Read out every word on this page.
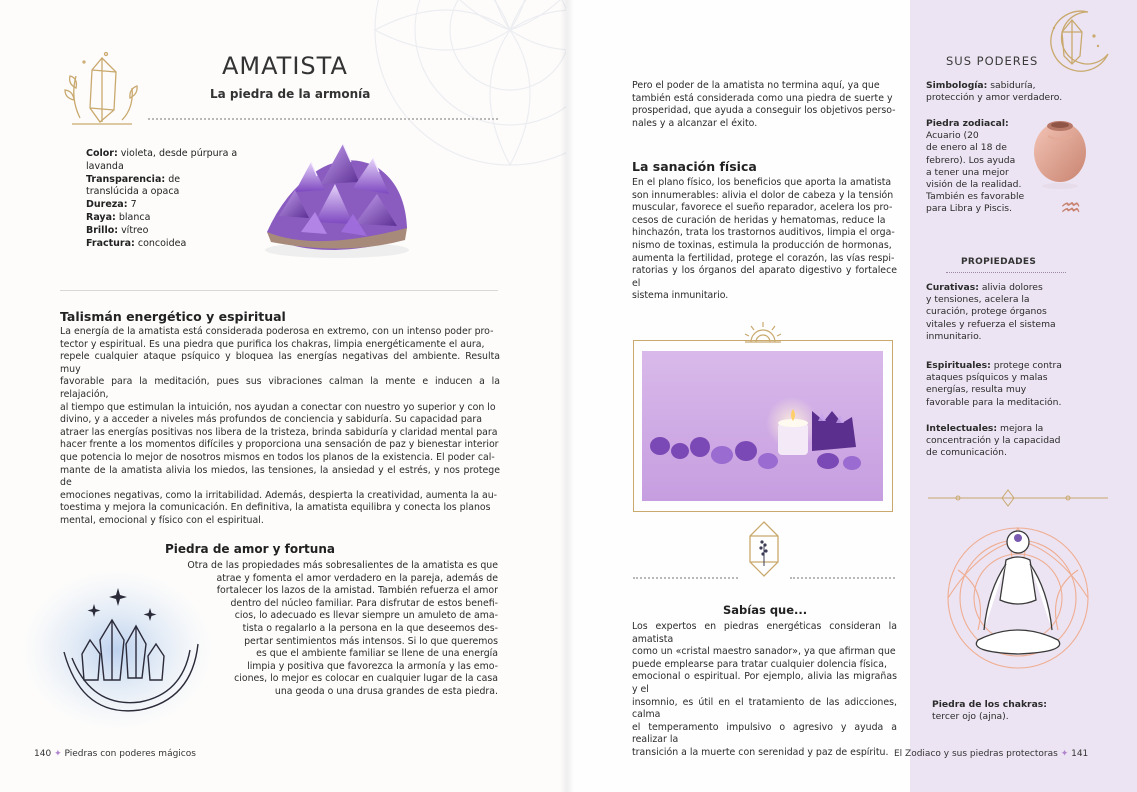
AMATISTA
La piedra de la armonía
Color: violeta, desde púrpura a lavanda
Transparencia: de translúcida a opaca
Dureza: 7
Raya: blanca
Brillo: vítreo
Fractura: concoidea
Talismán energético y espiritual
La energía de la amatista está considerada poderosa en extremo, con un intenso poder pro-
tector y espiritual. Es una piedra que purifica los chakras, limpia energéticamente el aura,
repele cualquier ataque psíquico y bloquea las energías negativas del ambiente. Resulta muy
favorable para la meditación, pues sus vibraciones calman la mente e inducen a la relajación,
al tiempo que estimulan la intuición, nos ayudan a conectar con nuestro yo superior y con lo
divino, y a acceder a niveles más profundos de conciencia y sabiduría. Su capacidad para
atraer las energías positivas nos libera de la tristeza, brinda sabiduría y claridad mental para
hacer frente a los momentos difíciles y proporciona una sensación de paz y bienestar interior
que potencia lo mejor de nosotros mismos en todos los planos de la existencia. El poder cal-
mante de la amatista alivia los miedos, las tensiones, la ansiedad y el estrés, y nos protege de
emociones negativas, como la irritabilidad. Además, despierta la creatividad, aumenta la au-
toestima y mejora la comunicación. En definitiva, la amatista equilibra y conecta los planos
mental, emocional y físico con el espiritual.
Piedra de amor y fortuna
Otra de las propiedades más sobresalientes de la amatista es que
atrae y fomenta el amor verdadero en la pareja, además de
fortalecer los lazos de la amistad. También refuerza el amor
dentro del núcleo familiar. Para disfrutar de estos benefi-
cios, lo adecuado es llevar siempre un amuleto de ama-
tista o regalarlo a la persona en la que deseemos des-
pertar sentimientos más intensos. Si lo que queremos
es que el ambiente familiar se llene de una energía
limpia y positiva que favorezca la armonía y las emo-
ciones, lo mejor es colocar en cualquier lugar de la casa
una geoda o una drusa grandes de esta piedra.
140 ✦ Piedras con poderes mágicos
Pero el poder de la amatista no termina aquí, ya que
también está considerada como una piedra de suerte y
prosperidad, que ayuda a conseguir los objetivos perso-
nales y a alcanzar el éxito.
La sanación física
En el plano físico, los beneficios que aporta la amatista
son innumerables: alivia el dolor de cabeza y la tensión
muscular, favorece el sueño reparador, acelera los pro-
cesos de curación de heridas y hematomas, reduce la
hinchazón, trata los trastornos auditivos, limpia el orga-
nismo de toxinas, estimula la producción de hormonas,
aumenta la fertilidad, protege el corazón, las vías respi-
ratorias y los órganos del aparato digestivo y fortalece el
sistema inmunitario.
Sabías que...
Los expertos en piedras energéticas consideran la amatista
como un «cristal maestro sanador», ya que afirman que
puede emplearse para tratar cualquier dolencia física,
emocional o espiritual. Por ejemplo, alivia las migrañas y el
insomnio, es útil en el tratamiento de las adicciones, calma
el temperamento impulsivo o agresivo y ayuda a realizar la
transición a la muerte con serenidad y paz de espíritu.
SUS PODERES
Simbología: sabiduría,
protección y amor verdadero.
Piedra zodiacal:
Acuario (20
de enero al 18 de
febrero). Los ayuda
a tener una mejor
visión de la realidad.
También es favorable
para Libra y Piscis.	♒
PROPIEDADES
Curativas: alivia dolores
y tensiones, acelera la
curación, protege órganos
vitales y refuerza el sistema
inmunitario.
Espirituales: protege contra
ataques psíquicos y malas
energías, resulta muy
favorable para la meditación.
Intelectuales: mejora la
concentración y la capacidad
de comunicación.
Piedra de los chakras:
tercer ojo (ajna).
El Zodiaco y sus piedras protectoras ✦ 141
